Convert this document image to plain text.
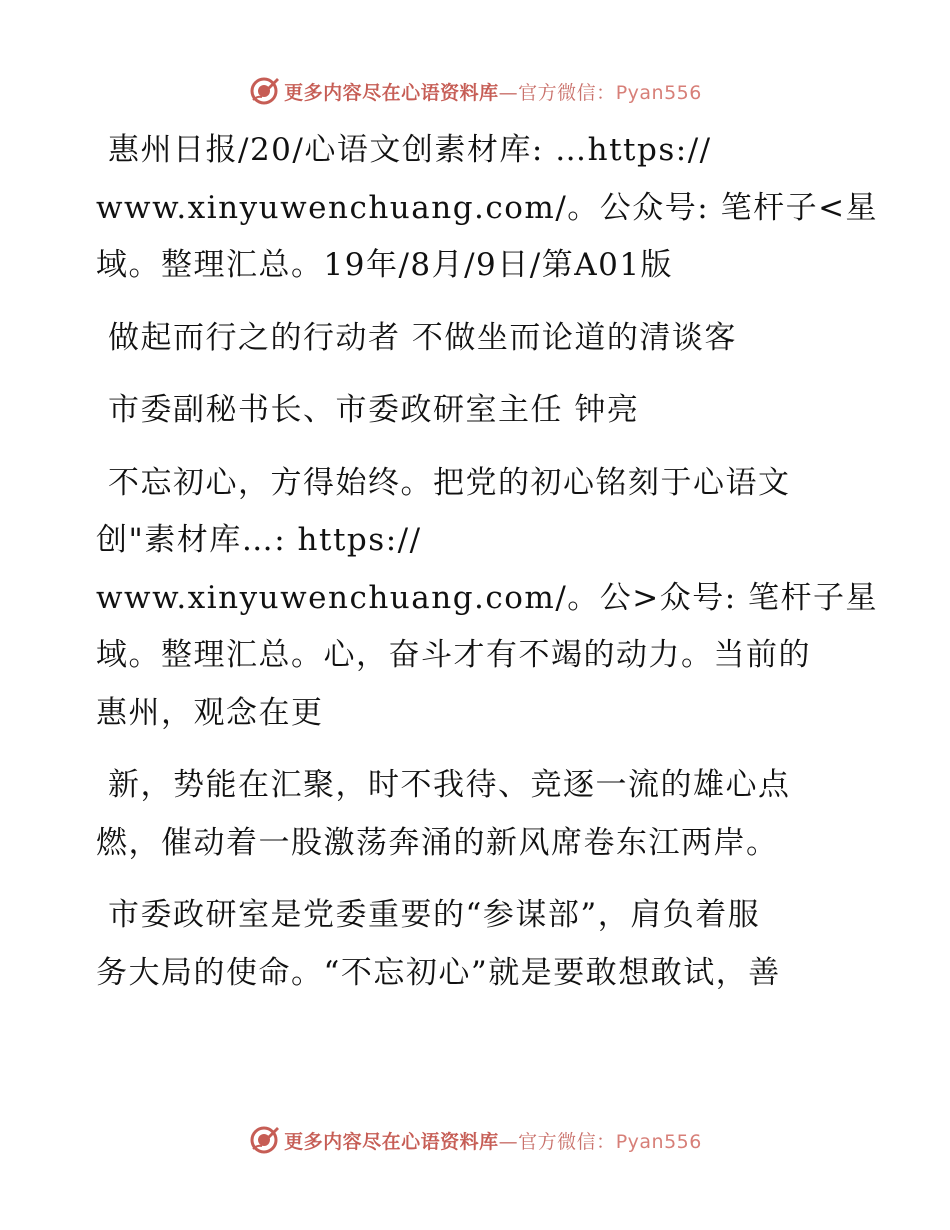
更多内容尽在心语资料库—官方微信：Pyan556
惠州日报/20/心语文创素材库: …https://
www.xinyuwenchuang.com/。公众号: 笔杆子<星
域。整理汇总。19年/8月/9日/第A01版
做起而行之的行动者 不做坐而论道的清谈客
市委副秘书长、市委政研室主任 钟亮
不忘初心，方得始终。把党的初心铭刻于心语文
创"素材库…: https://
www.xinyuwenchuang.com/。公>众号: 笔杆子星
域。整理汇总。心，奋斗才有不竭的动力。当前的
惠州，观念在更
新，势能在汇聚，时不我待、竞逐一流的雄心点
燃，催动着一股激荡奔涌的新风席卷东江两岸。
市委政研室是党委重要的“参谋部”，肩负着服
务大局的使命。“不忘初心”就是要敢想敢试，善
更多内容尽在心语资料库—官方微信：Pyan556
